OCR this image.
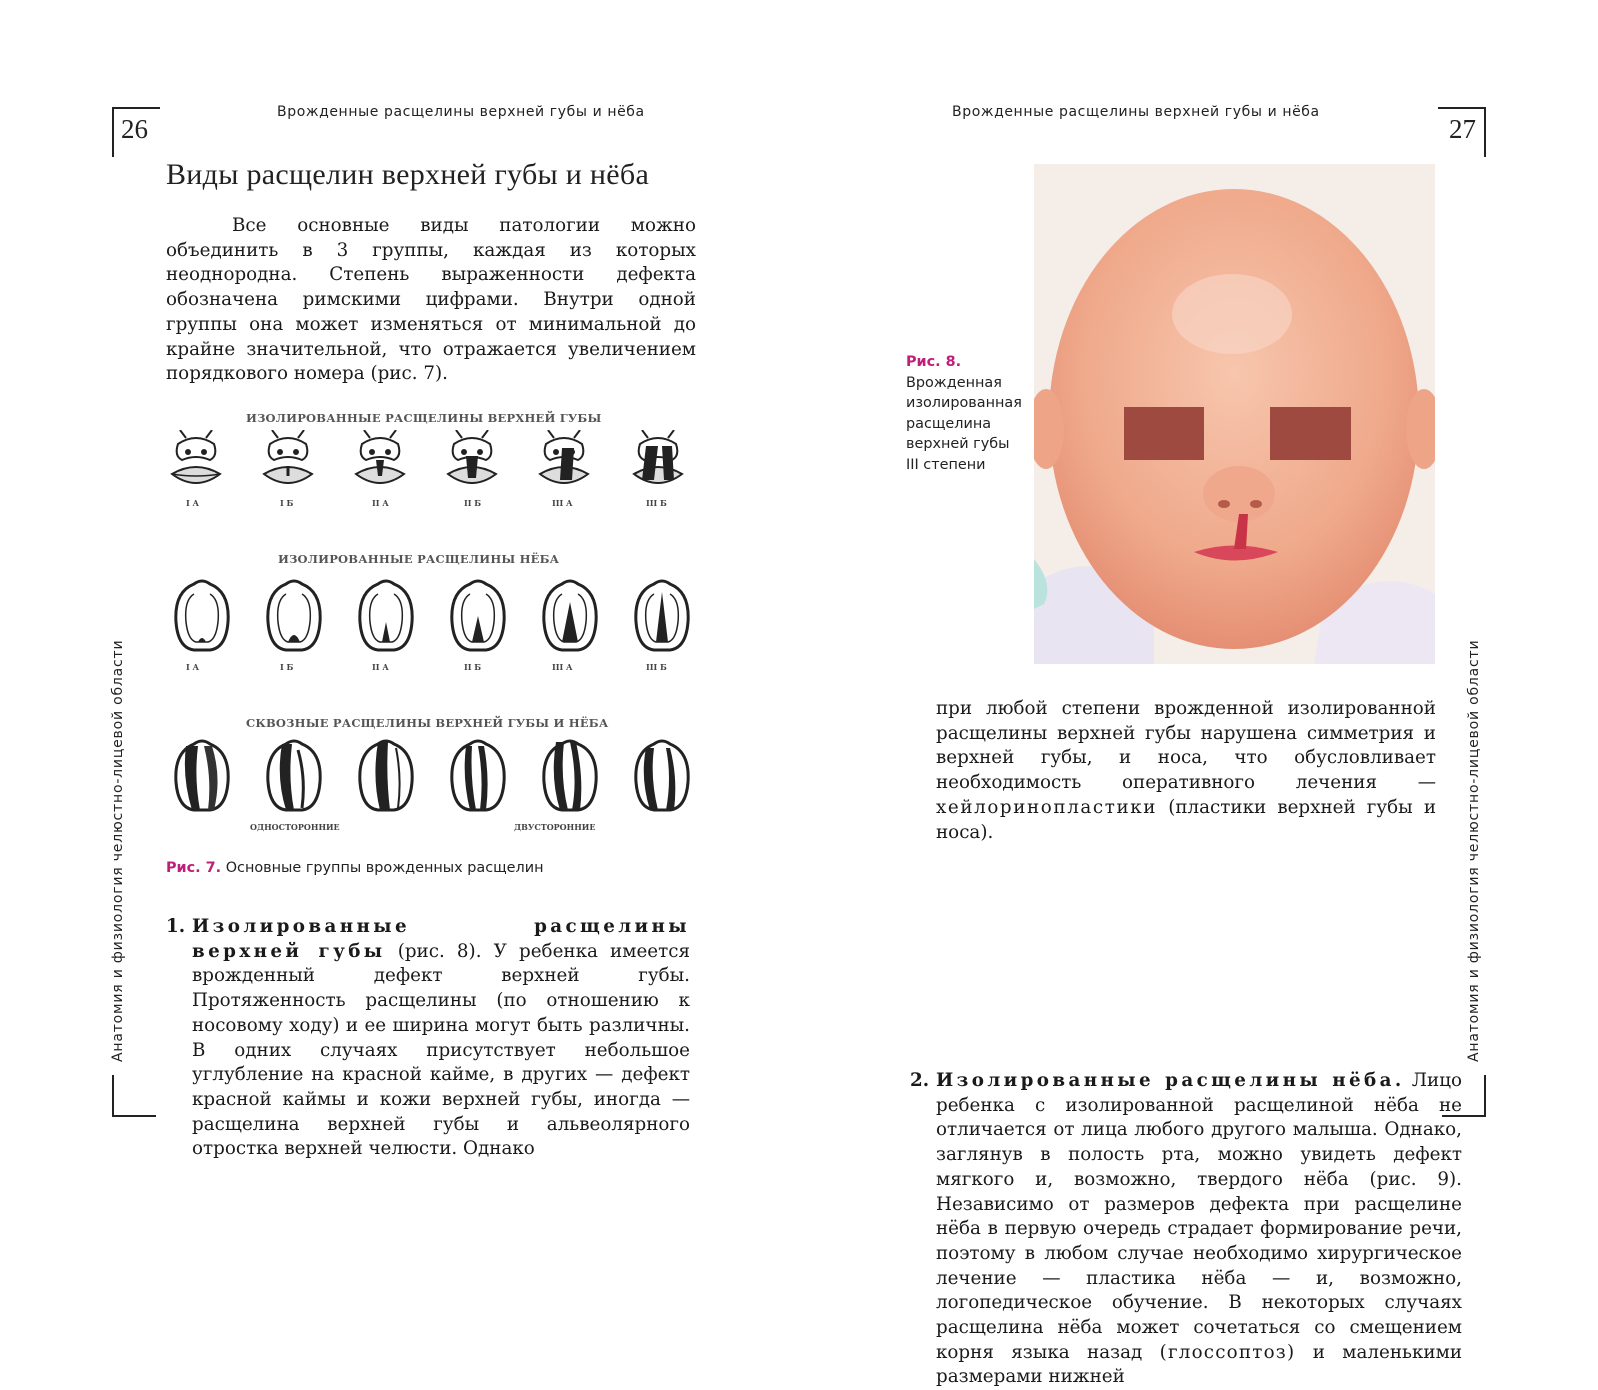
26
Врожденные расщелины верхней губы и нёба
Анатомия и физиология челюстно-лицевой области
Виды расщелин верхней губы и нёба

Все основные виды патологии можно объединить в 3 группы, каждая из которых неоднородна. Степень выраженности дефекта обозначена римскими цифрами. Внутри одной группы она может изменяться от минимальной до крайне значительной, что отражается увеличением порядкового номера (рис. 7).

ИЗОЛИРОВАННЫЕ РАСЩЕЛИНЫ ВЕРХНЕЙ ГУБЫ
I А	I Б	II А	II Б	III А	III Б
ИЗОЛИРОВАННЫЕ РАСЩЕЛИНЫ НЁБА
I А	I Б	II А	II Б	III А	III Б
СКВОЗНЫЕ РАСЩЕЛИНЫ ВЕРХНЕЙ ГУБЫ И НЁБА
ОДНОСТОРОННИЕ	ДВУСТОРОННИЕ
Рис. 7. Основные группы врожденных расщелин
1. Изолированные расщелины верхней губы (рис. 8). У ребенка имеется врожденный дефект верхней губы. Протяженность расщелины (по отношению к носовому ходу) и ее ширина могут быть различны. В одних случаях присутствует небольшое углубление на красной кайме, в других — дефект красной каймы и кожи верхней губы, иногда — расщелина верхней губы и альвеолярного отростка верхней челюсти. Однако
Врожденные расщелины верхней губы и нёба
27
Анатомия и физиология челюстно-лицевой области
Рис. 8. Врожденная изолированная расщелина верхней губы III степени
при любой степени врожденной изолированной расщелины верхней губы нарушена симметрия и верхней губы, и носа, что обусловливает необходимость оперативного лечения — хейлоринопластики (пластики верхней губы и носа).
2. Изолированные расщелины нёба. Лицо ребенка с изолированной расщелиной нёба не отличается от лица любого другого малыша. Однако, заглянув в полость рта, можно увидеть дефект мягкого и, возможно, твердого нёба (рис. 9). Независимо от размеров дефекта при расщелине нёба в первую очередь страдает формирование речи, поэтому в любом случае необходимо хирургическое лечение — пластика нёба — и, возможно, логопедическое обучение. В некоторых случаях расщелина нёба может сочетаться со смещением корня языка назад (глоссоптоз) и маленькими размерами нижней
